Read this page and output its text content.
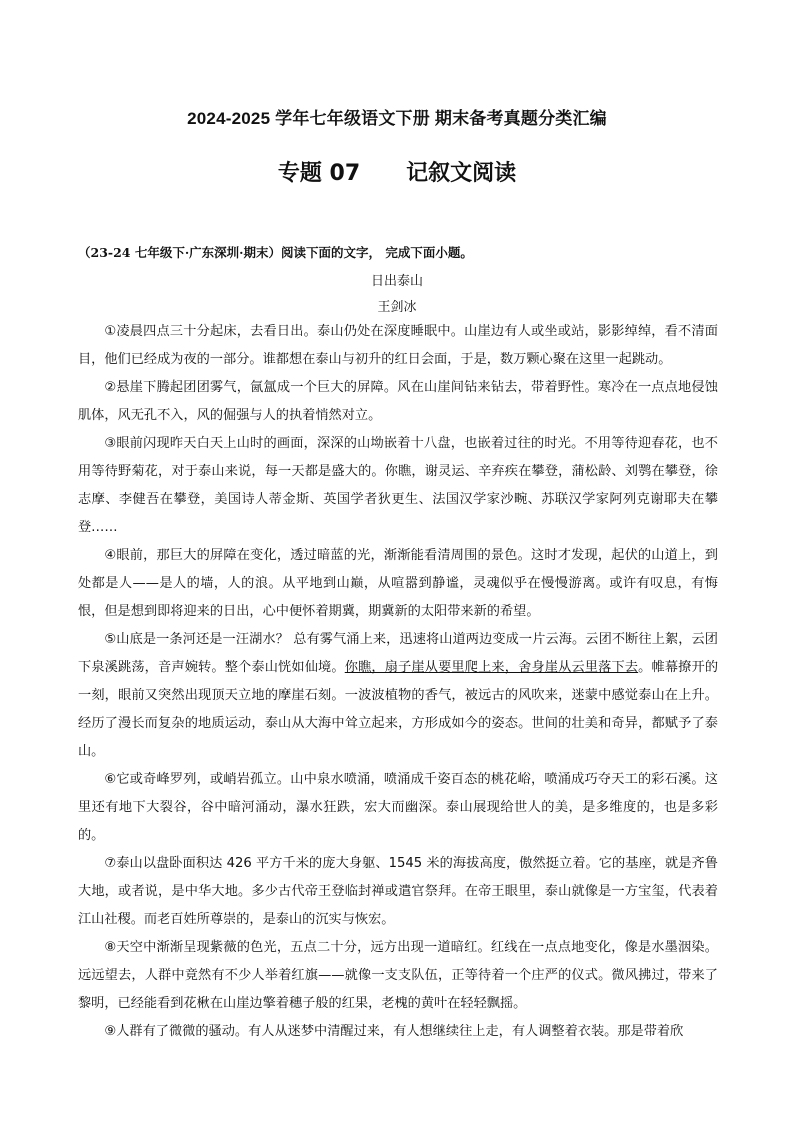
2024-2025 学年七年级语文下册 期末备考真题分类汇编
专题 07      记叙文阅读
（23-24 七年级下·广东深圳·期末）阅读下面的文字， 完成下面小题。
日出泰山
王剑冰

①凌晨四点三十分起床，去看日出。泰山仍处在深度睡眠中。山崖边有人或坐或站，影影绰绰，看不清面目，他们已经成为夜的一部分。谁都想在泰山与初升的红日会面，于是，数万颗心聚在这里一起跳动。

②悬崖下腾起团团雾气，氤氲成一个巨大的屏障。风在山崖间钻来钻去，带着野性。寒冷在一点点地侵蚀肌体，风无孔不入，风的倔强与人的执着悄然对立。

③眼前闪现昨天白天上山时的画面，深深的山坳嵌着十八盘，也嵌着过往的时光。不用等待迎春花，也不用等待野菊花，对于泰山来说，每一天都是盛大的。你瞧，谢灵运、辛弃疾在攀登，蒲松龄、刘鹗在攀登，徐志摩、李健吾在攀登，美国诗人蒂金斯、英国学者狄更生、法国汉学家沙畹、苏联汉学家阿列克谢耶夫在攀登……

④眼前，那巨大的屏障在变化，透过暗蓝的光，渐渐能看清周围的景色。这时才发现，起伏的山道上，到处都是人——是人的墙，人的浪。从平地到山巅，从喧嚣到静谧，灵魂似乎在慢慢游离。或许有叹息，有悔恨，但是想到即将迎来的日出，心中便怀着期冀，期冀新的太阳带来新的希望。

⑤山底是一条河还是一汪湖水？ 总有雾气涌上来，迅速将山道两边变成一片云海。云团不断往上絮，云团下泉溪跳荡，音声婉转。整个泰山恍如仙境。你瞧，扇子崖从要里爬上来，舍身崖从云里落下去。帷幕撩开的一刻，眼前又突然出现顶天立地的摩崖石刻。一波波植物的香气，被远古的风吹来，迷蒙中感觉泰山在上升。经历了漫长而复杂的地质运动，泰山从大海中耸立起来，方形成如今的姿态。世间的壮美和奇异，都赋予了泰山。

⑥它或奇峰罗列，或峭岩孤立。山中泉水喷涌，喷涌成千姿百态的桃花峪，喷涌成巧夺天工的彩石溪。这里还有地下大裂谷，谷中暗河涌动，瀑水狂跌，宏大而幽深。泰山展现给世人的美，是多维度的，也是多彩的。

⑦泰山以盘卧面积达 426 平方千米的庞大身躯、1545 米的海拔高度，傲然挺立着。它的基座，就是齐鲁大地，或者说，是中华大地。多少古代帝王登临封禅或遣官祭拜。在帝王眼里，泰山就像是一方宝玺，代表着江山社稷。而老百姓所尊崇的，是泰山的沉实与恢宏。

⑧天空中渐渐呈现紫薇的色光，五点二十分，远方出现一道暗红。红线在一点点地变化，像是水墨洇染。远远望去，人群中竟然有不少人举着红旗——就像一支支队伍，正等待着一个庄严的仪式。微风拂过，带来了黎明，已经能看到花楸在山崖边擎着穗子般的红果，老槐的黄叶在轻轻飘摇。

⑨人群有了微微的骚动。有人从迷梦中清醒过来，有人想继续往上走，有人调整着衣装。那是带着欣
